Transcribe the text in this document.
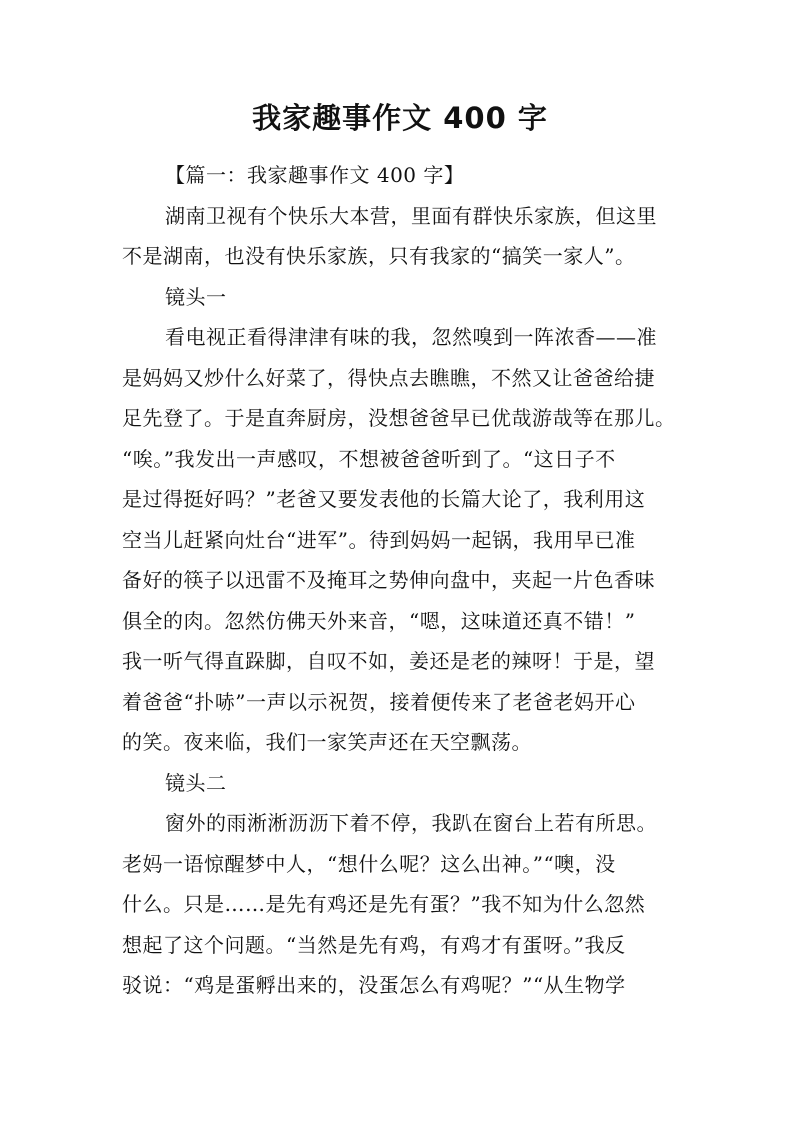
我家趣事作文 400 字
【篇一：我家趣事作文 400 字】
湖南卫视有个快乐大本营，里面有群快乐家族，但这里
不是湖南，也没有快乐家族，只有我家的“搞笑一家人”。
镜头一
看电视正看得津津有味的我，忽然嗅到一阵浓香——准
是妈妈又炒什么好菜了，得快点去瞧瞧，不然又让爸爸给捷
足先登了。于是直奔厨房，没想爸爸早已优哉游哉等在那儿。
“唉。”我发出一声感叹，不想被爸爸听到了。“这日子不
是过得挺好吗？”老爸又要发表他的长篇大论了，我利用这
空当儿赶紧向灶台“进军”。待到妈妈一起锅，我用早已准
备好的筷子以迅雷不及掩耳之势伸向盘中，夹起一片色香味
俱全的肉。忽然仿佛天外来音，“嗯，这味道还真不错！”
我一听气得直跺脚，自叹不如，姜还是老的辣呀！于是，望
着爸爸“扑哧”一声以示祝贺，接着便传来了老爸老妈开心
的笑。夜来临，我们一家笑声还在天空飘荡。
镜头二
窗外的雨淅淅沥沥下着不停，我趴在窗台上若有所思。
老妈一语惊醒梦中人，“想什么呢？这么出神。”“噢，没
什么。只是……是先有鸡还是先有蛋？”我不知为什么忽然
想起了这个问题。“当然是先有鸡，有鸡才有蛋呀。”我反
驳说：“鸡是蛋孵出来的，没蛋怎么有鸡呢？”“从生物学
